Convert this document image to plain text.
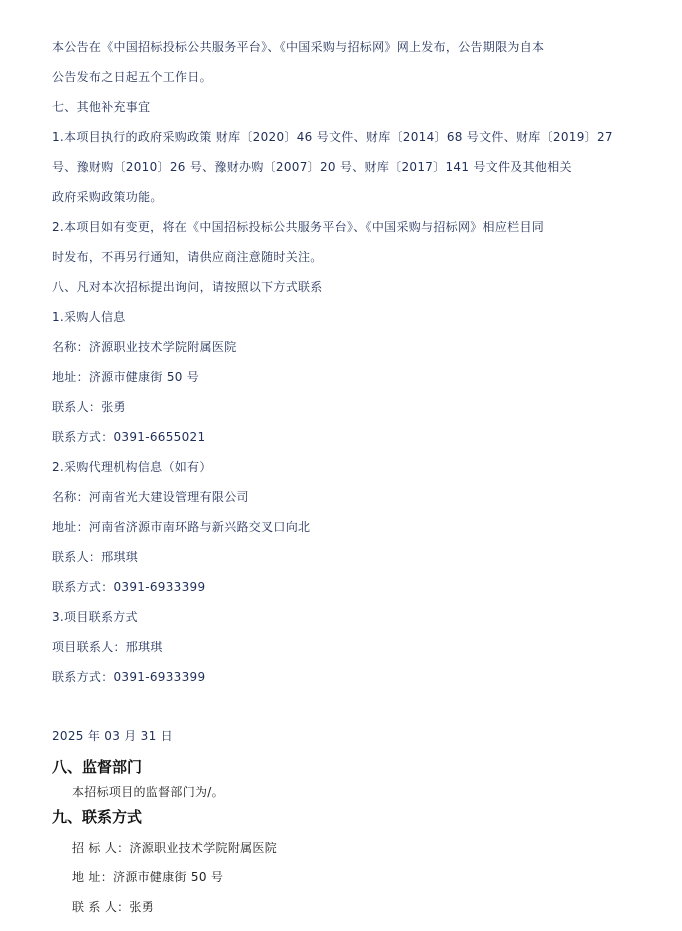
本公告在《中国招标投标公共服务平台》、《中国采购与招标网》网上发布，公告期限为自本
公告发布之日起五个工作日。
七、其他补充事宜
1.本项目执行的政府采购政策 财库〔2020〕46 号文件、财库〔2014〕68 号文件、财库〔2019〕27
号、豫财购〔2010〕26 号、豫财办购〔2007〕20 号、财库〔2017〕141 号文件及其他相关
政府采购政策功能。
2.本项目如有变更，将在《中国招标投标公共服务平台》、《中国采购与招标网》相应栏目同
时发布，不再另行通知，请供应商注意随时关注。
八、凡对本次招标提出询问，请按照以下方式联系
1.采购人信息
名称：济源职业技术学院附属医院
地址：济源市健康街 50 号
联系人：张勇
联系方式：0391-6655021
2.采购代理机构信息（如有）
名称：河南省光大建设管理有限公司
地址：河南省济源市南环路与新兴路交叉口向北
联系人：邢琪琪
联系方式：0391-6933399
3.项目联系方式
项目联系人：邢琪琪
联系方式：0391-6933399
2025 年 03 月 31 日
八、监督部门
本招标项目的监督部门为/。
九、联系方式
招 标 人：济源职业技术学院附属医院
地 址：济源市健康街 50 号
联 系 人：张勇
